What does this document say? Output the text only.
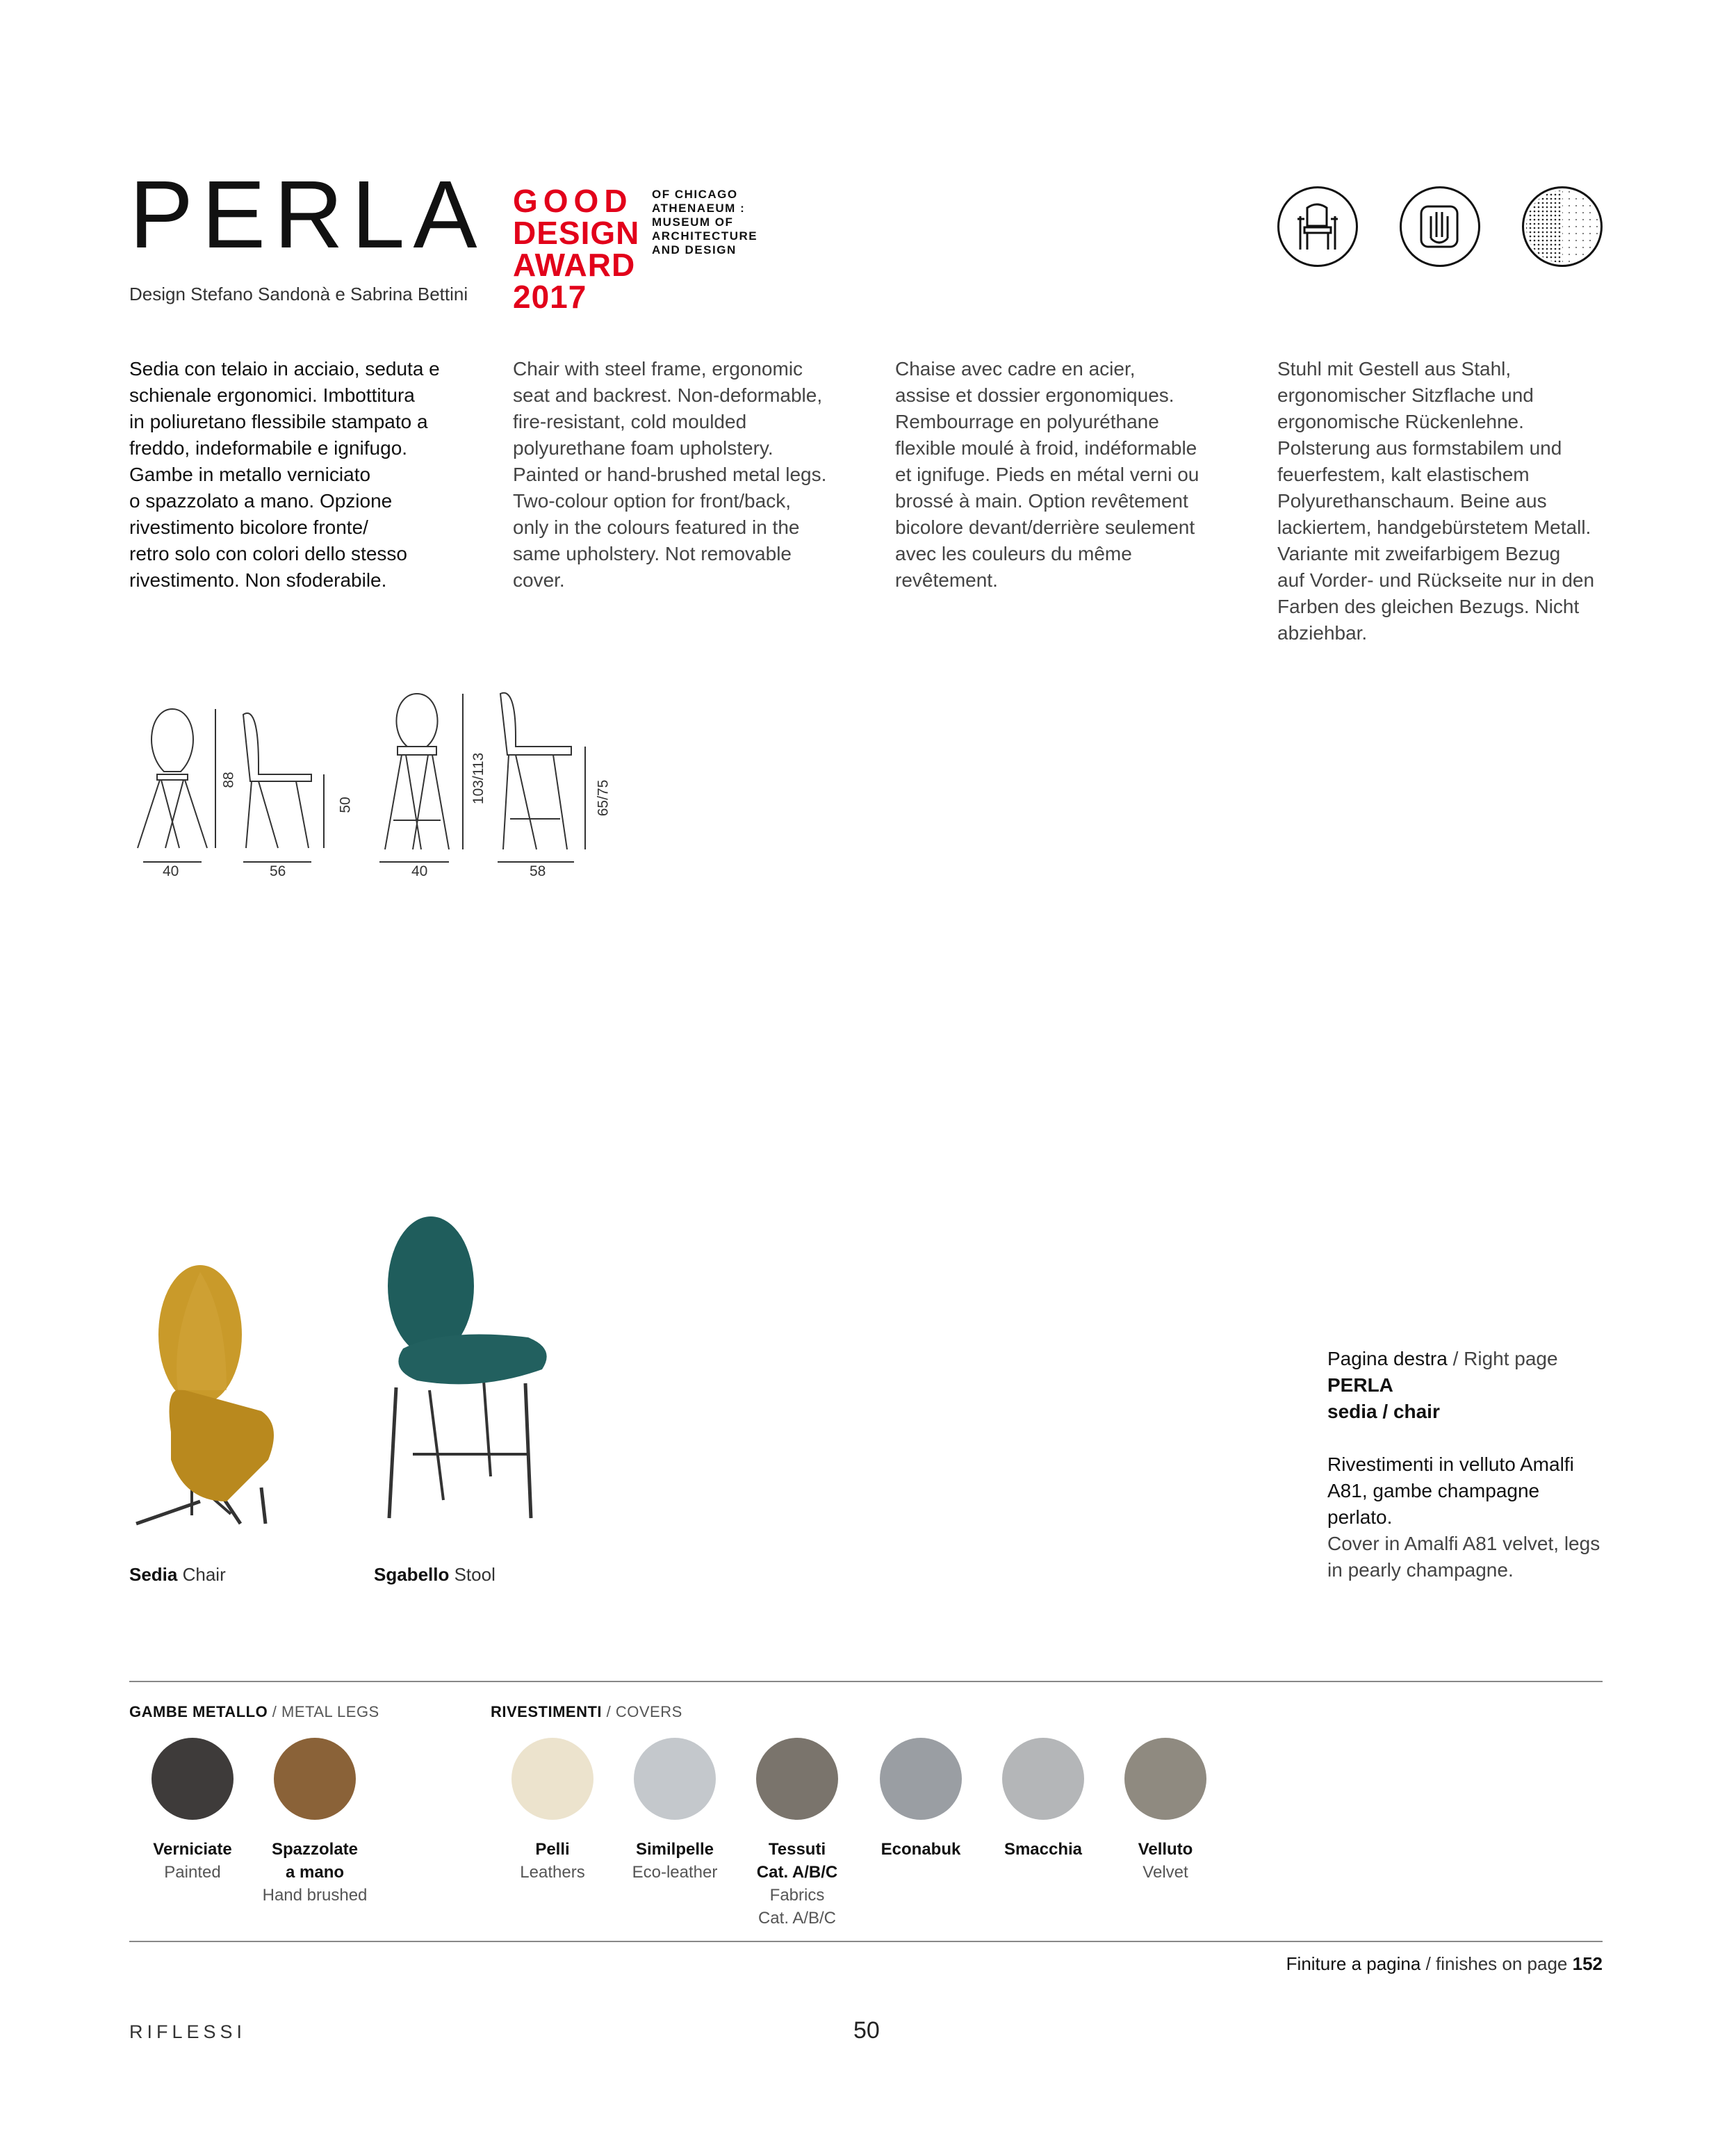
PERLA
Design Stefano Sandonà e Sabrina Bettini
GOOD
DESIGN
AWARD
2017
OF CHICAGO
ATHENAEUM :
MUSEUM OF
ARCHITECTURE
AND DESIGN
Sedia con telaio in acciaio, seduta e
schienale ergonomici. Imbottitura
in poliuretano flessibile stampato a
freddo, indeformabile e ignifugo.
Gambe in metallo verniciato
o spazzolato a mano. Opzione
rivestimento bicolore fronte/
retro solo con colori dello stesso
rivestimento. Non sfoderabile.
Chair with steel frame, ergonomic
seat and backrest. Non-deformable,
fire-resistant, cold moulded
polyurethane foam upholstery.
Painted or hand-brushed metal legs.
Two-colour option for front/back,
only in the colours featured in the
same upholstery. Not removable
cover.
Chaise avec cadre en acier,
assise et dossier ergonomiques.
Rembourrage en polyuréthane
flexible moulé à froid, indéformable
et ignifuge. Pieds en métal verni ou
brossé à main. Option revêtement
bicolore devant/derrière seulement
avec les couleurs du même
revêtement.
Stuhl mit Gestell aus Stahl,
ergonomischer Sitzflache und
ergonomische Rückenlehne.
Polsterung aus formstabilem und
feuerfestem, kalt elastischem
Polyurethanschaum. Beine aus
lackiertem, handgebürstetem Metall.
Variante mit zweifarbigem Bezug
auf Vorder- und Rückseite nur in den
Farben des gleichen Bezugs. Nicht
abziehbar.
40	56	40	58
88
50
103/113	65/75
Sedia Chair	Sgabello Stool
Pagina destra / Right page
PERLA
sedia / chair
Rivestimenti in velluto Amalfi
A81, gambe champagne
perlato.
Cover in Amalfi A81 velvet, legs
in pearly champagne.
GAMBE METALLO / METAL LEGS	RIVESTIMENTI / COVERS
Verniciate
Painted
Spazzolate
a mano
Hand brushed
Pelli
Leathers
Similpelle
Eco-leather
Tessuti
Cat. A/B/C
Fabrics
Cat. A/B/C
Econabuk	Smacchia	Velluto
Velvet
Finiture a pagina / finishes on page 152
RIFLESSI	50
